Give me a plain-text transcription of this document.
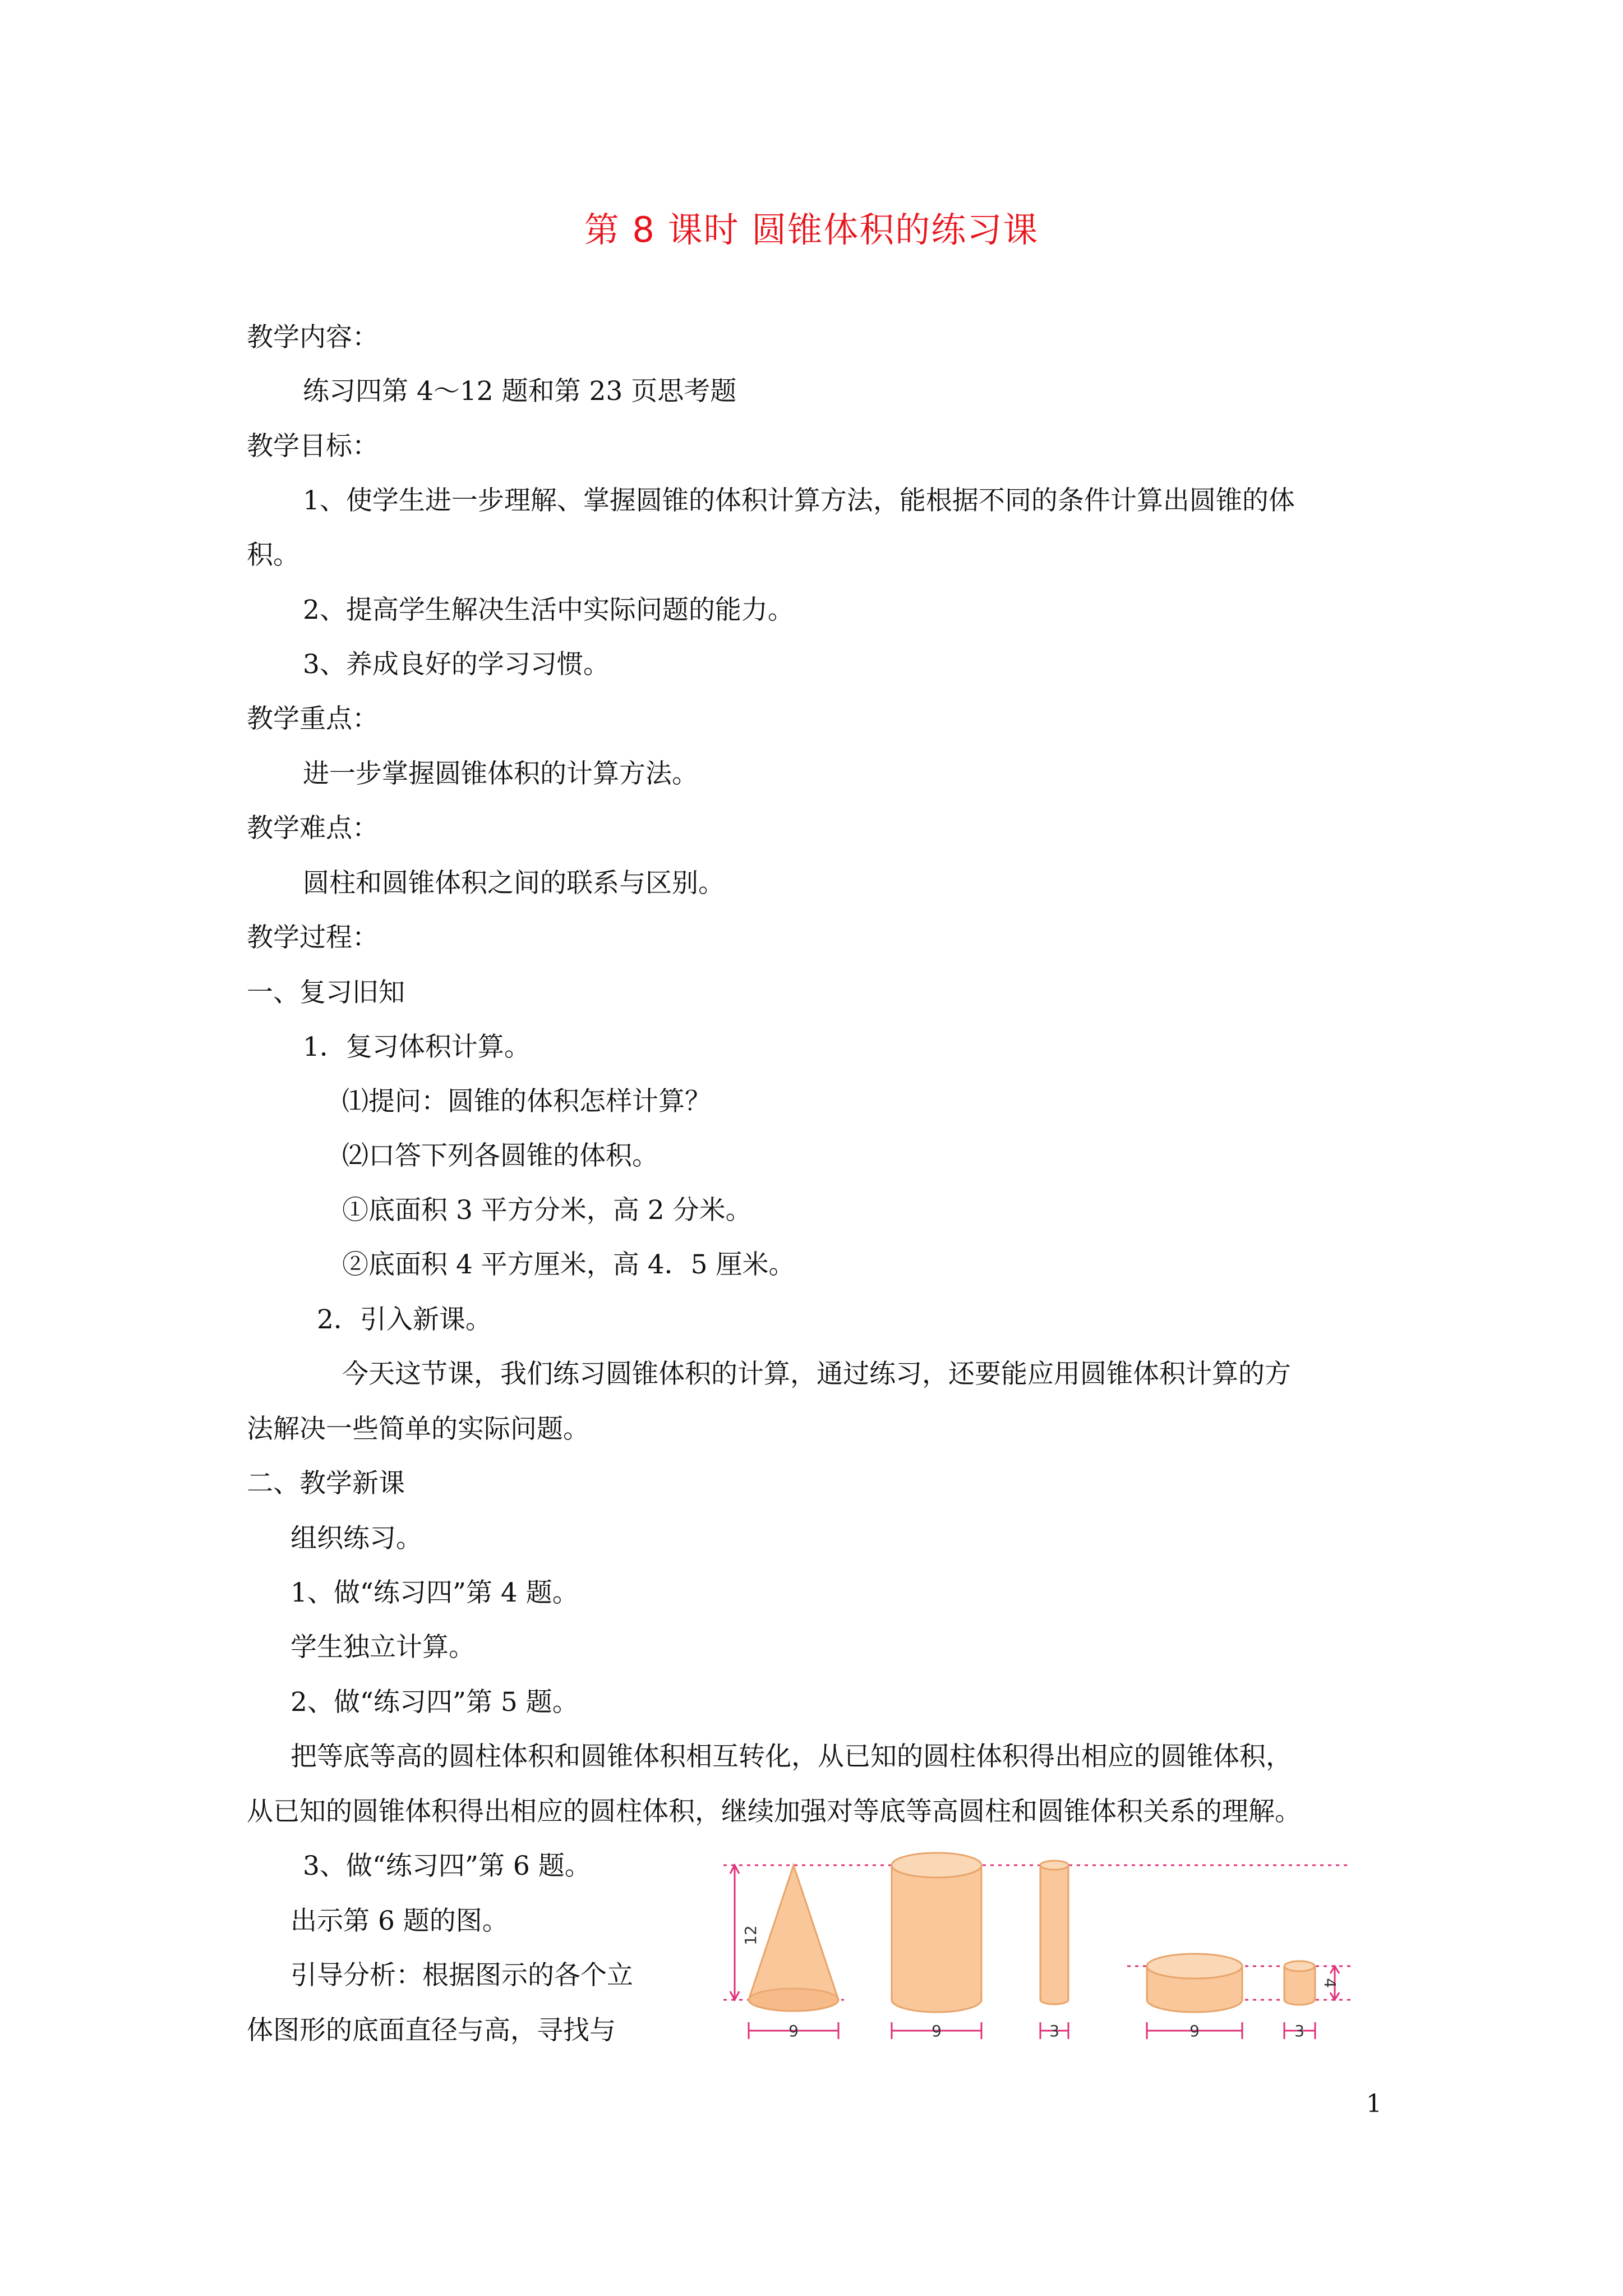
第 8 课时 圆锥体积的练习课
教学内容：
练习四第 4～12 题和第 23 页思考题
教学目标：
1、使学生进一步理解、掌握圆锥的体积计算方法，能根据不同的条件计算出圆锥的体
积。
2、提高学生解决生活中实际问题的能力。
3、养成良好的学习习惯。
教学重点：
进一步掌握圆锥体积的计算方法。
教学难点：
圆柱和圆锥体积之间的联系与区别。
教学过程：
一、复习旧知
1．复习体积计算。
⑴提问：圆锥的体积怎样计算？
⑵口答下列各圆锥的体积。
①底面积 3 平方分米，高 2 分米。
②底面积 4 平方厘米，高 4．5 厘米。
2．引入新课。
今天这节课，我们练习圆锥体积的计算，通过练习，还要能应用圆锥体积计算的方
法解决一些简单的实际问题。
二、教学新课
组织练习。
1、做“练习四”第 4 题。
学生独立计算。
2、做“练习四”第 5 题。
把等底等高的圆柱体积和圆锥体积相互转化，从已知的圆柱体积得出相应的圆锥体积，
从已知的圆锥体积得出相应的圆柱体积，继续加强对等底等高圆柱和圆锥体积关系的理解。
3、做“练习四”第 6 题。
出示第 6 题的图。
引导分析：根据图示的各个立
体图形的底面直径与高，寻找与
12
9	9	3	9	3
4
1
